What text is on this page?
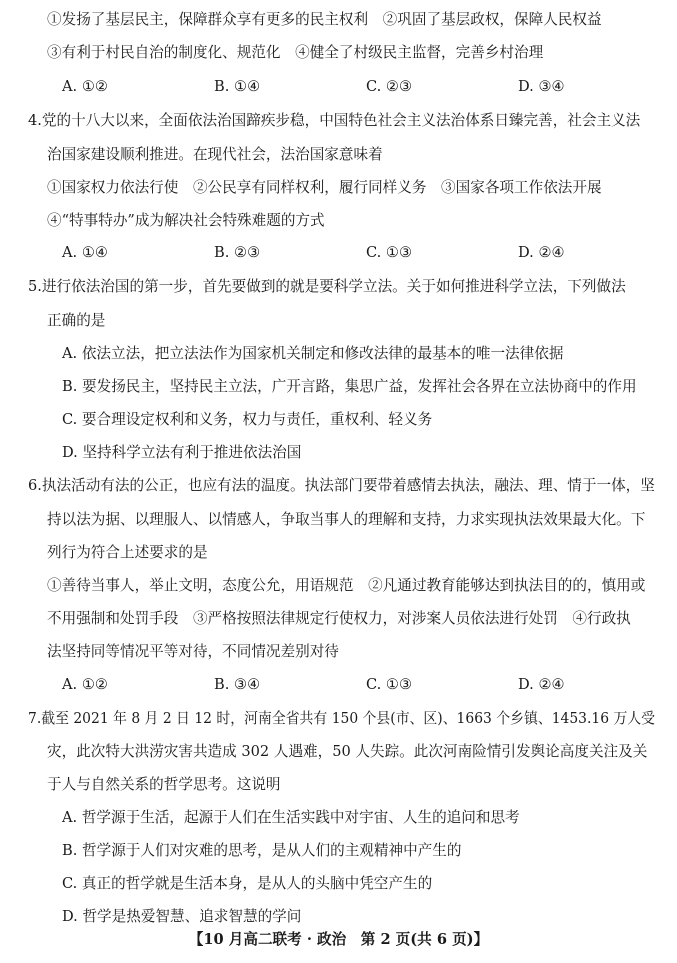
①发扬了基层民主，保障群众享有更多的民主权利　②巩固了基层政权，保障人民权益
③有利于村民自治的制度化、规范化　④健全了村级民主监督，完善乡村治理
A. ①②	B. ①④	C. ②③	D. ③④
4.党的十八大以来，全面依法治国蹄疾步稳，中国特色社会主义法治体系日臻完善，社会主义法
治国家建设顺利推进。在现代社会，法治国家意味着
①国家权力依法行使　②公民享有同样权利，履行同样义务　③国家各项工作依法开展
④“特事特办”成为解决社会特殊难题的方式
A. ①④	B. ②③	C. ①③	D. ②④
5.进行依法治国的第一步，首先要做到的就是要科学立法。关于如何推进科学立法，下列做法
正确的是
A. 依法立法，把立法法作为国家机关制定和修改法律的最基本的唯一法律依据
B. 要发扬民主，坚持民主立法，广开言路，集思广益，发挥社会各界在立法协商中的作用
C. 要合理设定权利和义务，权力与责任，重权利、轻义务
D. 坚持科学立法有利于推进依法治国
6.执法活动有法的公正，也应有法的温度。执法部门要带着感情去执法，融法、理、情于一体，坚
持以法为据、以理服人、以情感人，争取当事人的理解和支持，力求实现执法效果最大化。下
列行为符合上述要求的是
①善待当事人，举止文明，态度公允，用语规范　②凡通过教育能够达到执法目的的，慎用或
不用强制和处罚手段　③严格按照法律规定行使权力，对涉案人员依法进行处罚　④行政执
法坚持同等情况平等对待，不同情况差别对待
A. ①②	B. ③④	C. ①③	D. ②④
7.截至 2021 年 8 月 2 日 12 时，河南全省共有 150 个县(市、区)、1663 个乡镇、1453.16 万人受
灾，此次特大洪涝灾害共造成 302 人遇难，50 人失踪。此次河南险情引发舆论高度关注及关
于人与自然关系的哲学思考。这说明
A. 哲学源于生活，起源于人们在生活实践中对宇宙、人生的追问和思考
B. 哲学源于人们对灾难的思考，是从人们的主观精神中产生的
C. 真正的哲学就是生活本身，是从人的头脑中凭空产生的
D. 哲学是热爱智慧、追求智慧的学问
【10 月高二联考 · 政治　第 2 页(共 6 页)】
